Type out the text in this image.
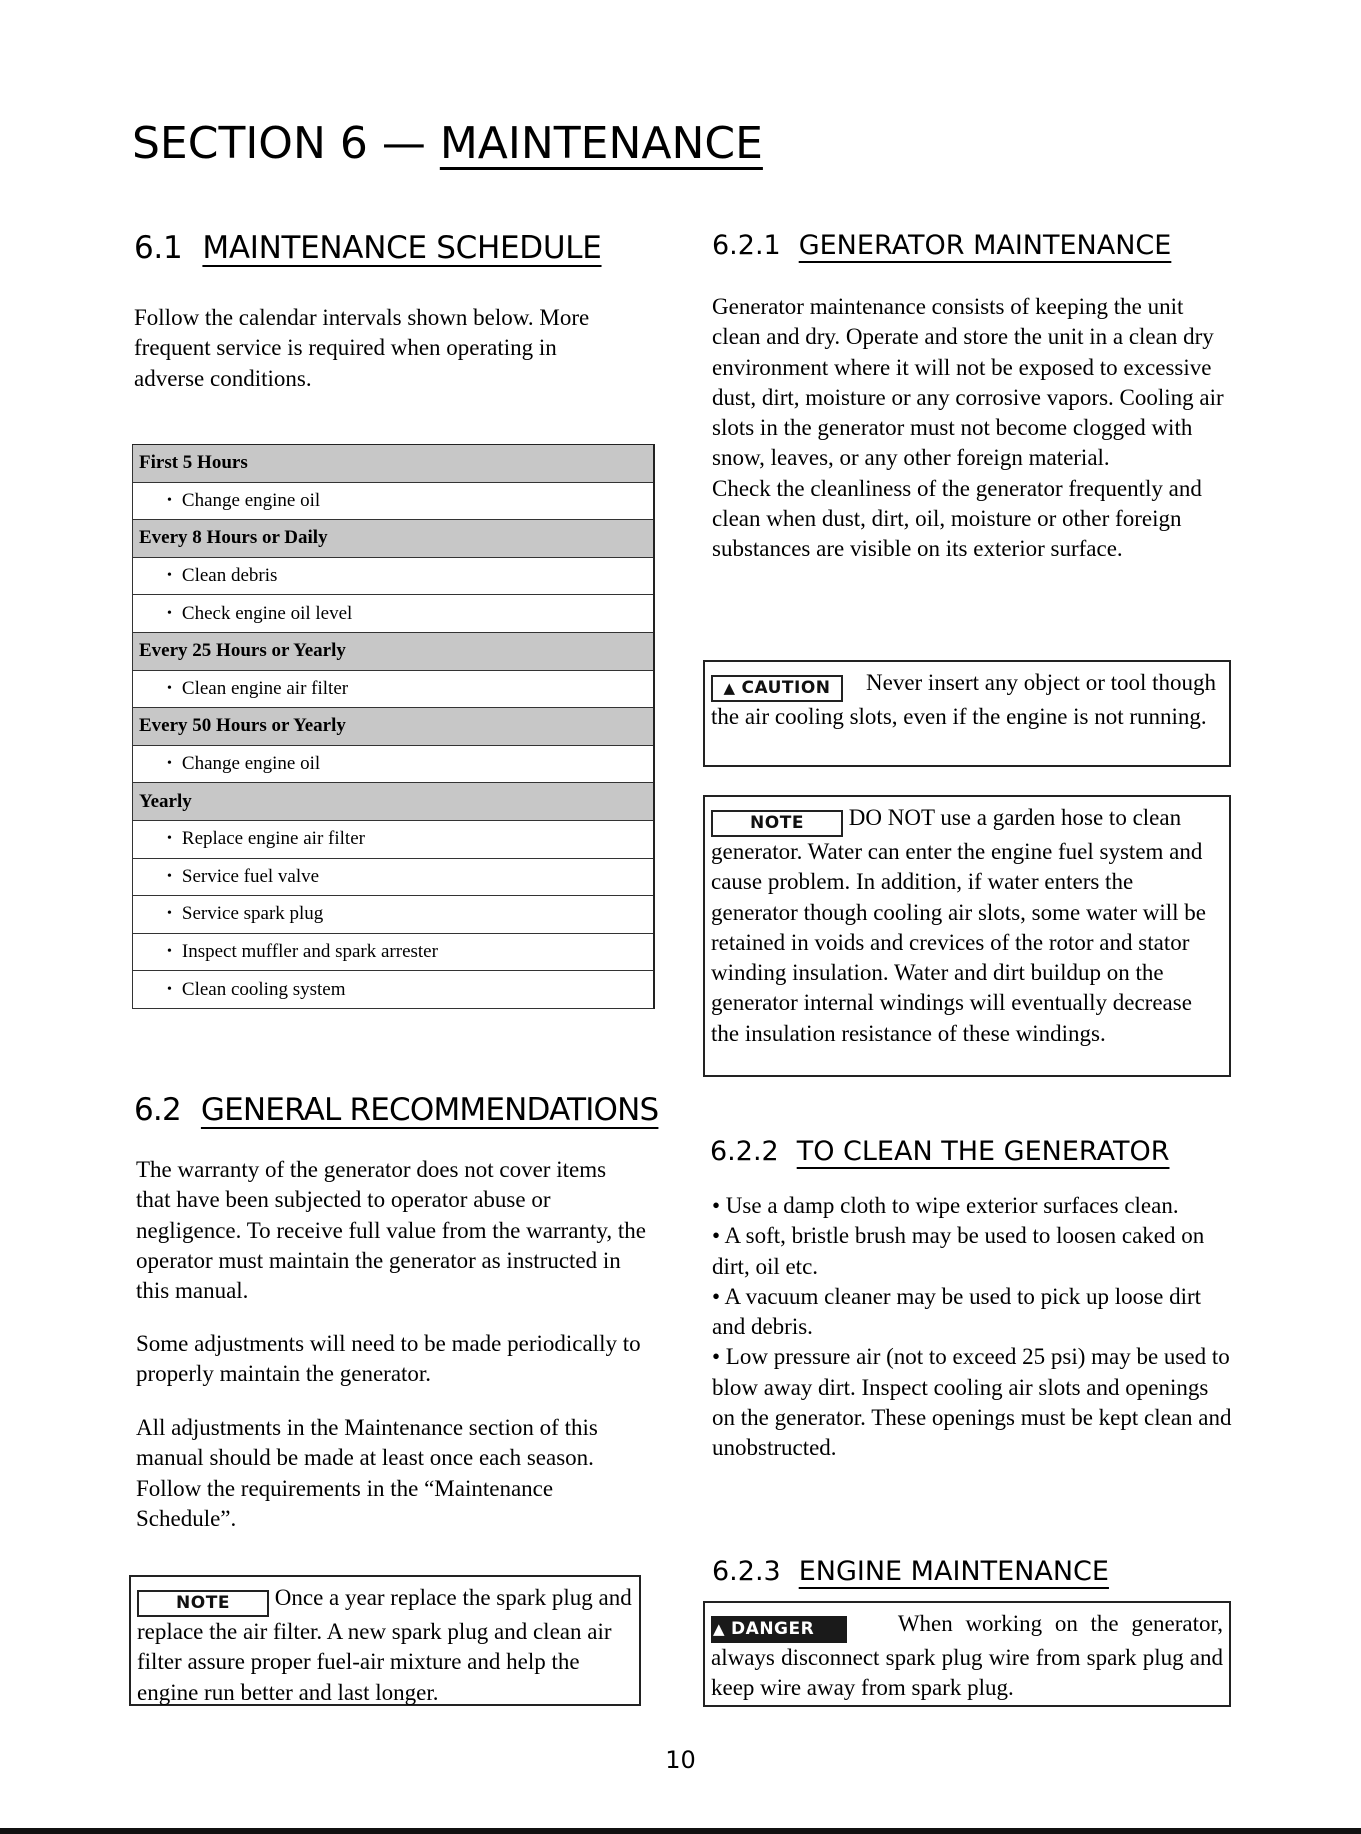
SECTION 6 — MAINTENANCE
6.1 MAINTENANCE SCHEDULE
Follow the calendar intervals shown below. More frequent service is required when operating in adverse conditions.
First 5 Hours
• Change engine oil
Every 8 Hours or Daily
• Clean debris
• Check engine oil level
Every 25 Hours or Yearly
• Clean engine air filter
Every 50 Hours or Yearly
• Change engine oil
Yearly
• Replace engine air filter
• Service fuel valve
• Service spark plug
• Inspect muffler and spark arrester
• Clean cooling system
6.2 GENERAL RECOMMENDATIONS
The warranty of the generator does not cover items that have been subjected to operator abuse or negligence. To receive full value from the warranty, the operator must maintain the generator as instructed in this manual.
Some adjustments will need to be made periodically to properly maintain the generator.
All adjustments in the Maintenance section of this manual should be made at least once each season. Follow the requirements in the “Maintenance Schedule”.
NOTE Once a year replace the spark plug and replace the air filter. A new spark plug and clean air filter assure proper fuel-air mixture and help the engine run better and last longer.
6.2.1 GENERATOR MAINTENANCE
Generator maintenance consists of keeping the unit clean and dry. Operate and store the unit in a clean dry environment where it will not be exposed to excessive dust, dirt, moisture or any corrosive vapors. Cooling air slots in the generator must not become clogged with snow, leaves, or any other foreign material.
Check the cleanliness of the generator frequently and clean when dust, dirt, oil, moisture or other foreign substances are visible on its exterior surface.
▲ CAUTION Never insert any object or tool though the air cooling slots, even if the engine is not running.
NOTE DO NOT use a garden hose to clean generator. Water can enter the engine fuel system and cause problem. In addition, if water enters the generator though cooling air slots, some water will be retained in voids and crevices of the rotor and stator winding insulation. Water and dirt buildup on the generator internal windings will eventually decrease the insulation resistance of these windings.
6.2.2 TO CLEAN THE GENERATOR
• Use a damp cloth to wipe exterior surfaces clean.
• A soft, bristle brush may be used to loosen caked on dirt, oil etc.
• A vacuum cleaner may be used to pick up loose dirt and debris.
• Low pressure air (not to exceed 25 psi) may be used to blow away dirt. Inspect cooling air slots and openings on the generator. These openings must be kept clean and unobstructed.
6.2.3 ENGINE MAINTENANCE
▲ DANGER	When working on the generator, always disconnect spark plug wire from spark plug and keep wire away from spark plug.
10
